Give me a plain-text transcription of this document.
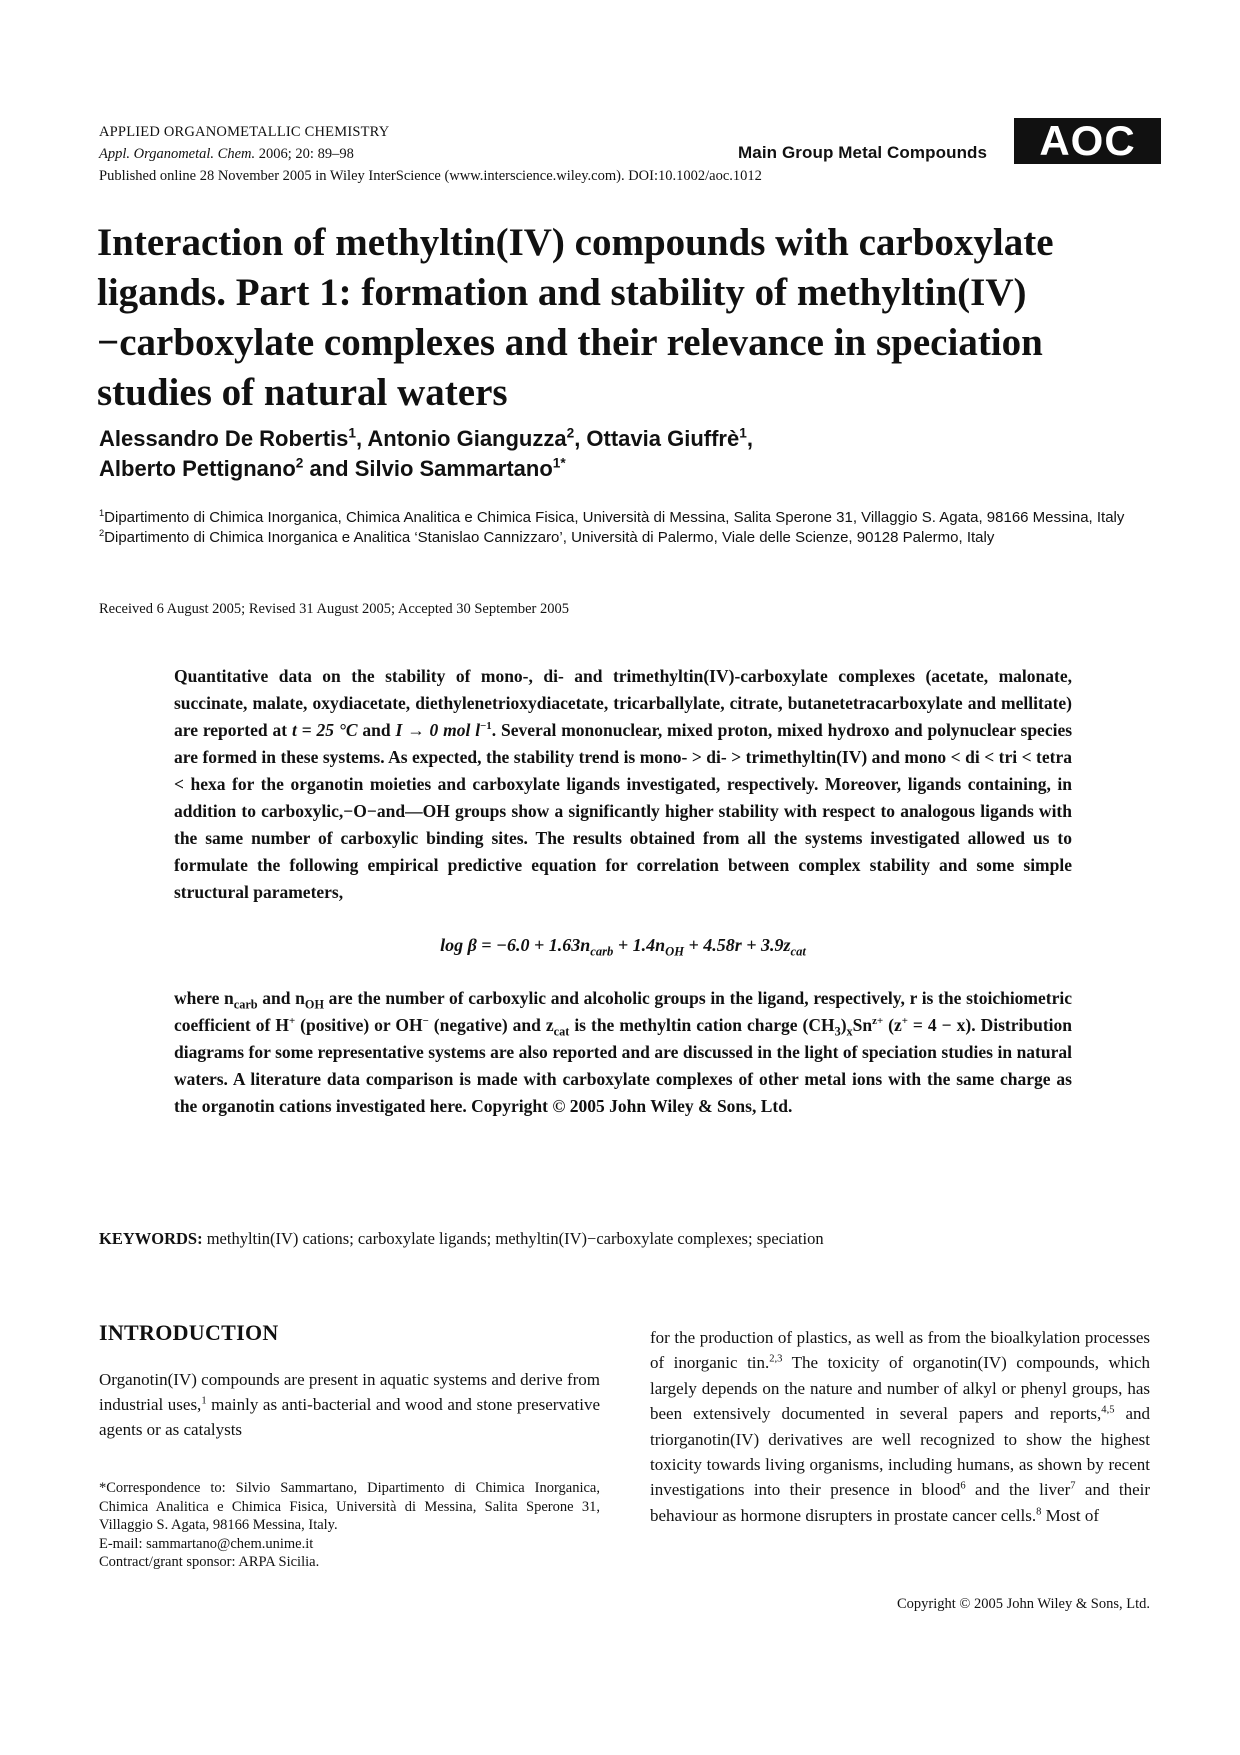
APPLIED ORGANOMETALLIC CHEMISTRY
Appl. Organometal. Chem. 2006; 20: 89–98
Published online 28 November 2005 in Wiley InterScience (www.interscience.wiley.com). DOI:10.1002/aoc.1012
Main Group Metal Compounds	AOC
Interaction of methyltin(IV) compounds with carboxylate ligands. Part 1: formation and stability of methyltin(IV)−carboxylate complexes and their relevance in speciation studies of natural waters
Alessandro De Robertis$^1$, Antonio Gianguzza$^2$, Ottavia Giuffrè$^1$,
Alberto Pettignano$^2$ and Silvio Sammartano$^{1*}$
$^1$Dipartimento di Chimica Inorganica, Chimica Analitica e Chimica Fisica, Università di Messina, Salita Sperone 31, Villaggio S. Agata, 98166 Messina, Italy
$^2$Dipartimento di Chimica Inorganica e Analitica ‘Stanislao Cannizzaro’, Università di Palermo, Viale delle Scienze, 90128 Palermo, Italy
Received 6 August 2005; Revised 31 August 2005; Accepted 30 September 2005

Quantitative data on the stability of mono-, di- and trimethyltin(IV)-carboxylate complexes (acetate, malonate, succinate, malate, oxydiacetate, diethylenetrioxydiacetate, tricarballylate, citrate, butanetetracarboxylate and mellitate) are reported at t = 25 °C and I → 0 mol $l^{-1}$. Several mononuclear, mixed proton, mixed hydroxo and polynuclear species are formed in these systems. As expected, the stability trend is mono- > di- > trimethyltin(IV) and mono < di < tri < tetra < hexa for the organotin moieties and carboxylate ligands investigated, respectively. Moreover, ligands containing, in addition to carboxylic,−O−and—OH groups show a significantly higher stability with respect to analogous ligands with the same number of carboxylic binding sites. The results obtained from all the systems investigated allowed us to formulate the following empirical predictive equation for correlation between complex stability and some simple structural parameters,

$\log \beta = -6.0 + 1.63n_{carb} + 1.4n_{OH} + 4.58r + 3.9z_{cat}$

where $n_{carb}$ and $n_{OH}$ are the number of carboxylic and alcoholic groups in the ligand, respectively, r is the stoichiometric coefficient of H+ (positive) or OH− (negative) and $z_{cat}$ is the methyltin cation charge $(CH_3)_xSn^{z+}$ (z+ = 4 − x). Distribution diagrams for some representative systems are also reported and are discussed in the light of speciation studies in natural waters. A literature data comparison is made with carboxylate complexes of other metal ions with the same charge as the organotin cations investigated here. Copyright © 2005 John Wiley & Sons, Ltd.

KEYWORDS: methyltin(IV) cations; carboxylate ligands; methyltin(IV)−carboxylate complexes; speciation
INTRODUCTION
Organotin(IV) compounds are present in aquatic systems and derive from industrial uses,$^1$ mainly as anti-bacterial and wood and stone preservative agents or as catalysts
*Correspondence to: Silvio Sammartano, Dipartimento di Chimica Inorganica, Chimica Analitica e Chimica Fisica, Università di Messina, Salita Sperone 31, Villaggio S. Agata, 98166 Messina, Italy.
E-mail: sammartano@chem.unime.it
Contract/grant sponsor: ARPA Sicilia.
for the production of plastics, as well as from the bioalkylation processes of inorganic tin.$^{2,3}$ The toxicity of organotin(IV) compounds, which largely depends on the nature and number of alkyl or phenyl groups, has been extensively documented in several papers and reports,$^{4,5}$ and triorganotin(IV) derivatives are well recognized to show the highest toxicity towards living organisms, including humans, as shown by recent investigations into their presence in blood$^6$ and the liver$^7$ and their behaviour as hormone disrupters in prostate cancer cells.$^8$ Most of
Copyright © 2005 John Wiley & Sons, Ltd.
